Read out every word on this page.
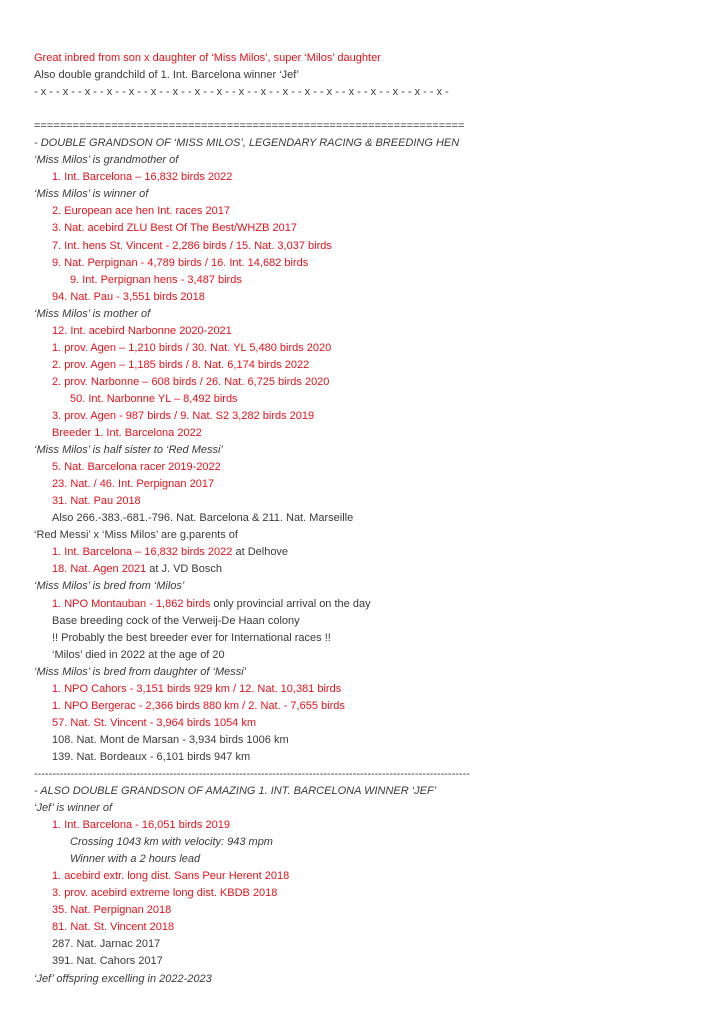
Great inbred from son x daughter of ‘Miss Milos’, super ‘Milos’ daughter
Also double grandchild of 1. Int. Barcelona winner ‘Jef’
- x - - x - - x - - x - - x - - x - - x - - x - - x - - x - - x - - x - - x - - x - - x - - x - - x - - x - - x -
===================================================================
- DOUBLE GRANDSON OF ‘MISS MILOS’, LEGENDARY RACING & BREEDING HEN
‘Miss Milos’ is grandmother of
1. Int. Barcelona – 16,832 birds 2022
‘Miss Milos’ is winner of
2. European ace hen Int. races 2017
3. Nat. acebird ZLU Best Of The Best/WHZB 2017
7. Int. hens St. Vincent - 2,286 birds / 15. Nat. 3,037 birds
9. Nat. Perpignan - 4,789 birds / 16. Int. 14,682 birds
9. Int. Perpignan hens - 3,487 birds
94. Nat. Pau - 3,551 birds 2018
‘Miss Milos’ is mother of
12. Int. acebird Narbonne 2020-2021
1. prov. Agen – 1,210 birds / 30. Nat. YL 5,480 birds 2020
2. prov. Agen – 1,185 birds / 8. Nat. 6,174 birds 2022
2. prov. Narbonne – 608 birds / 26. Nat. 6,725 birds 2020
50. Int. Narbonne YL – 8,492 birds
3. prov. Agen - 987 birds / 9. Nat. S2 3,282 birds 2019
Breeder 1. Int. Barcelona 2022
‘Miss Milos’ is half sister to ‘Red Messi’
5. Nat. Barcelona racer 2019-2022
23. Nat. / 46. Int. Perpignan 2017
31. Nat. Pau 2018
Also 266.-383.-681.-796. Nat. Barcelona & 211. Nat. Marseille
‘Red Messi’ x ‘Miss Milos’ are g.parents of
1. Int. Barcelona – 16,832 birds 2022 at Delhove
18. Nat. Agen 2021 at J. VD Bosch
‘Miss Milos’ is bred from ‘Milos’
1. NPO Montauban - 1,862 birds only provincial arrival on the day
Base breeding cock of the Verweij-De Haan colony
!! Probably the best breeder ever for International races !!
‘Milos’ died in 2022 at the age of 20
‘Miss Milos’ is bred from daughter of ‘Messi’
1. NPO Cahors - 3,151 birds 929 km / 12. Nat. 10,381 birds
1. NPO Bergerac - 2,366 birds 880 km / 2. Nat. - 7,655 birds
57. Nat. St. Vincent - 3,964 birds 1054 km
108. Nat. Mont de Marsan - 3,934 birds 1006 km
139. Nat. Bordeaux - 6,101 birds 947 km
-----------------------------------------------------------------------------------------------------------------------
- ALSO DOUBLE GRANDSON OF AMAZING 1. INT. BARCELONA WINNER ‘JEF’
‘Jef’ is winner of
1. Int. Barcelona - 16,051 birds 2019
Crossing 1043 km with velocity: 943 mpm
Winner with a 2 hours lead
1. acebird extr. long dist. Sans Peur Herent 2018
3. prov. acebird extreme long dist. KBDB 2018
35. Nat. Perpignan 2018
81. Nat. St. Vincent 2018
287. Nat. Jarnac 2017
391. Nat. Cahors 2017
‘Jef’ offspring excelling in 2022-2023
